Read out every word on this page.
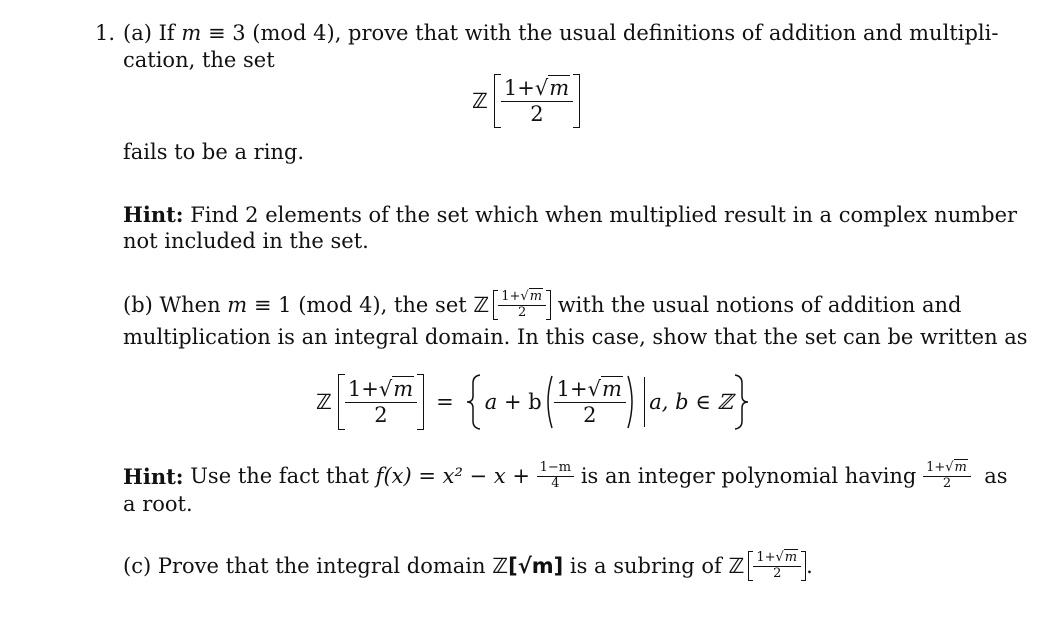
1. (a) If m ≡ 3 (mod 4), prove that with the usual definitions of addition and multipli-
cation, the set
ℤ $\frac{1+√m}{2}$
fails to be a ring.
Hint: Find 2 elements of the set which when multiplied result in a complex number
not included in the set.
(b)
When
m
≡ 1 (mod 4), the set
ℤ $\frac{1+√m}{2}$
with the usual notions of addition and
multiplication is an integral domain. In this case, show that the set can be written as
ℤ $\frac{1+√m}{2} = a$
+ b $\frac{1+√m}{2} a$, b ∈ ℤ
Hint:
Use the fact that
f(x) = x² − x +
$\frac{1-m}{4}$
is an integer polynomial having
$\frac{1+√m}{2}$
as
a root.
(c)
Prove that the integral domain
ℤ[√m]
is a subring of
ℤ $\frac{1+√m}{2}$ .
